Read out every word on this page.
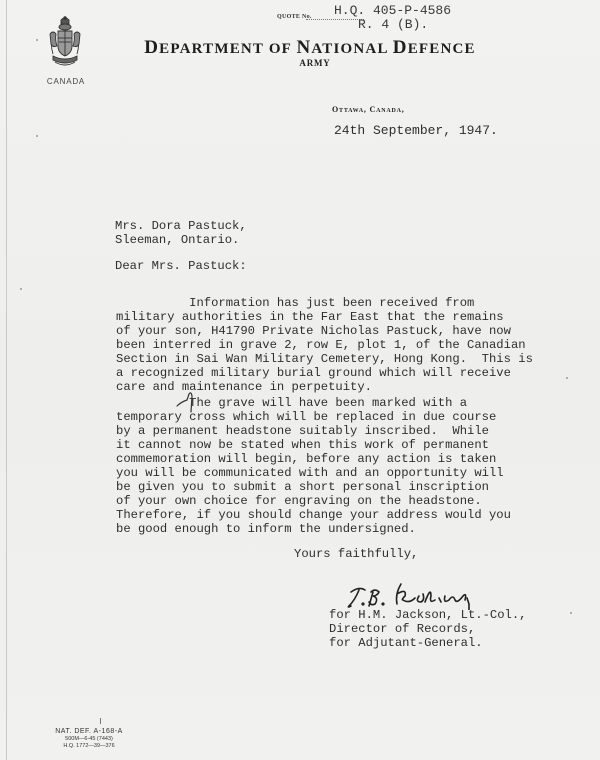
CANADA
QUOTE No. H.Q. 405-P-4586
R. 4 (B).
DEPARTMENT OF NATIONAL DEFENCE
ARMY
Ottawa, Canada,
24th September, 1947.
Mrs. Dora Pastuck,
Sleeman, Ontario.
Dear Mrs. Pastuck:
Information has just been received from
military authorities in the Far East that the remains
of your son, H41790 Private Nicholas Pastuck, have now
been interred in grave 2, row E, plot 1, of the Canadian
Section in Sai Wan Military Cemetery, Hong Kong.  This is
a recognized military burial ground which will receive
care and maintenance in perpetuity.
The grave will have been marked with a
temporary cross which will be replaced in due course
by a permanent headstone suitably inscribed.  While
it cannot now be stated when this work of permanent
commemoration will begin, before any action is taken
you will be communicated with and an opportunity will
be given you to submit a short personal inscription
of your own choice for engraving on the headstone.
Therefore, if you should change your address would you
be good enough to inform the undersigned.
Yours faithfully,
for H.M. Jackson, Lt.-Col.,
Director of Records,
for Adjutant-General.
NAT. DEF. A-168-A
500M—6-45 (7443)
H.Q. 1772—39—376
